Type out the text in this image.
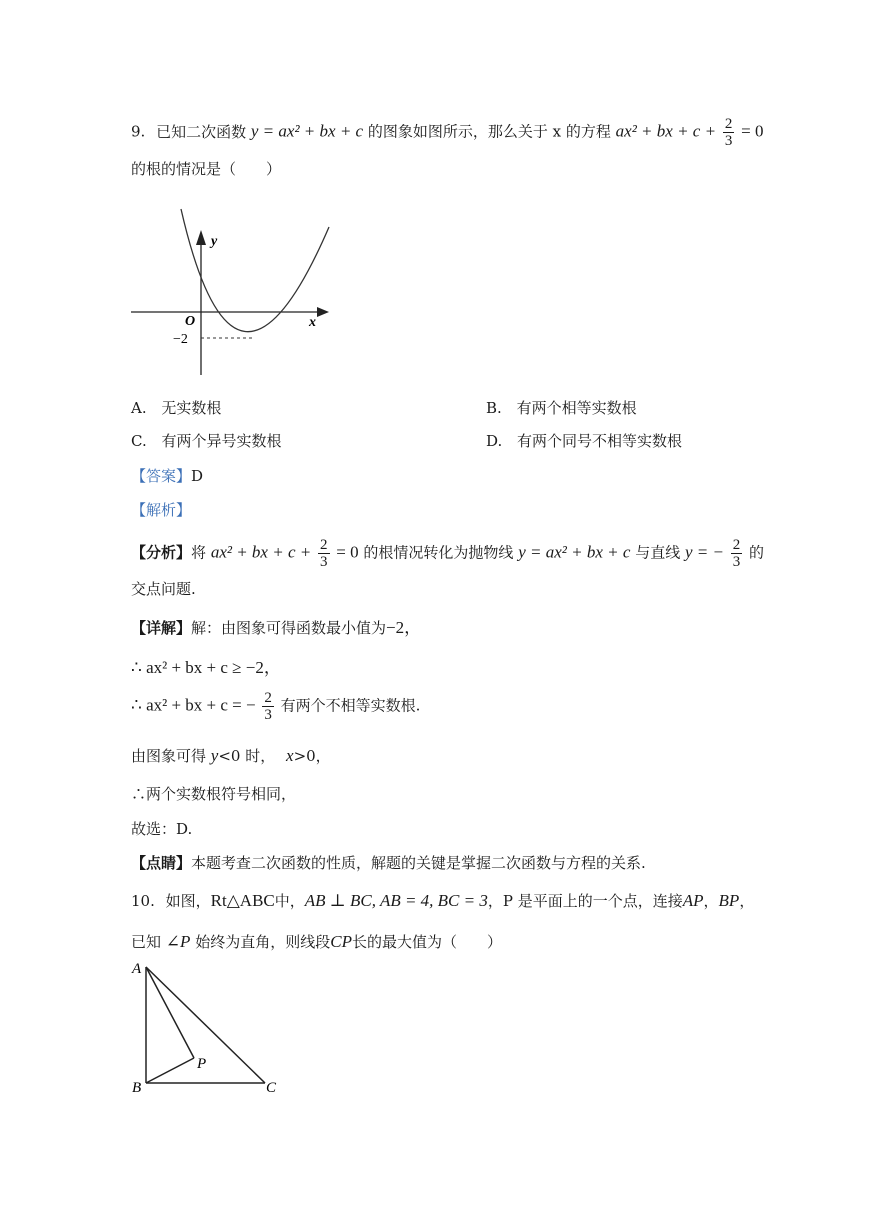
9. 已知二次函数 y = ax² + bx + c 的图象如图所示，那么关于 x 的方程 ax² + bx + $c + \frac{2}{3} = 0$
的根的情况是（　　）
y
x
O
−2
A. 无实数根	B. 有两个相等实数根
C. 有两个异号实数根	D. 有两个同号不相等实数根
【答案】D
【解析】
【分析】将 ax² + bx + $c + \frac{2}{3} = 0$ 的根情况转化为抛物线 y = ax² + bx + c 与直线 y = − $\frac{2}{3}$ 的
交点问题.
【详解】解：由图象可得函数最小值为−2，
∴ ax² + bx + c ≥ −2，
∴ ax² + bx + c = − $\frac{2}{3}$ 有两个不相等实数根.
由图象可得 y<0 时， x>0，
∴两个实数根符号相同，
故选：D.
【点睛】本题考查二次函数的性质，解题的关键是掌握二次函数与方程的关系.
10. 如图，Rt△ABC中，AB ⊥ BC, AB = 4, BC = 3，P 是平面上的一个点，连接AP，BP，
已知 ∠P 始终为直角，则线段CP长的最大值为（　　）
A
B	C
P
